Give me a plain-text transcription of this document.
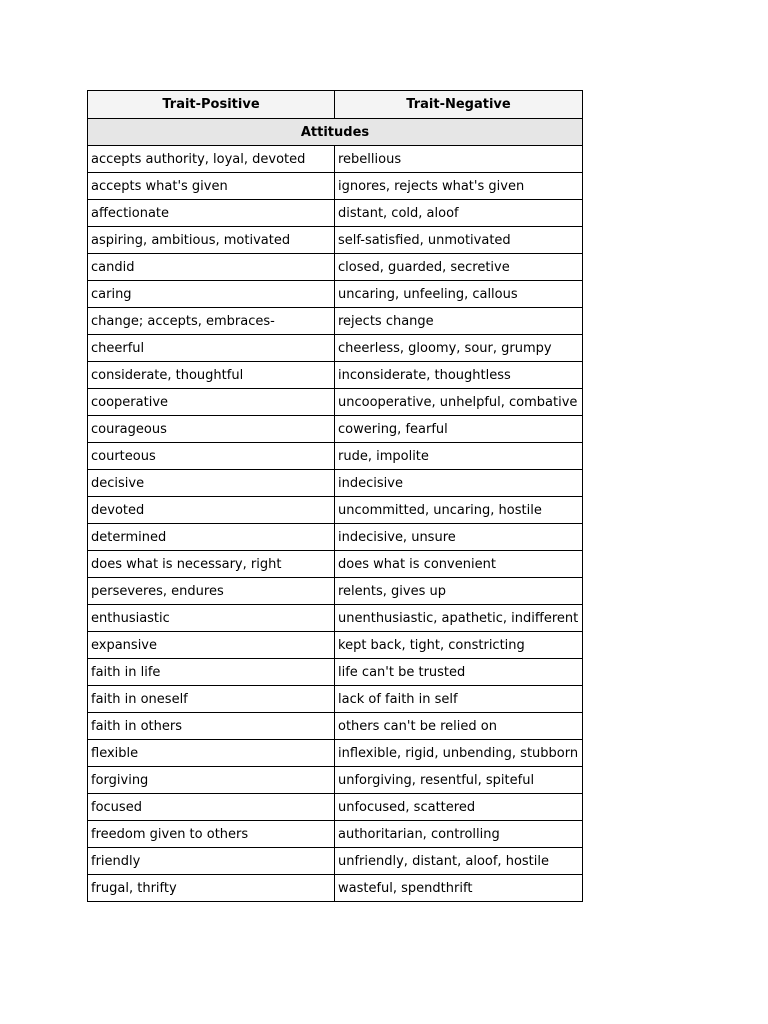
Trait-Positive	Trait-Negative
Attitudes	
accepts authority, loyal, devoted	rebellious
accepts what's given	ignores, rejects what's given
affectionate	distant, cold, aloof
aspiring, ambitious, motivated	self-satisfied, unmotivated
candid	closed, guarded, secretive
caring	uncaring, unfeeling, callous
change; accepts, embraces-	rejects change
cheerful	cheerless, gloomy, sour, grumpy
considerate, thoughtful	inconsiderate, thoughtless
cooperative	uncooperative, unhelpful, combative
courageous	cowering, fearful
courteous	rude, impolite
decisive	indecisive
devoted	uncommitted, uncaring, hostile
determined	indecisive, unsure
does what is necessary, right	does what is convenient
perseveres, endures	relents, gives up
enthusiastic	unenthusiastic, apathetic, indifferent
expansive	kept back, tight, constricting
faith in life	life can't be trusted
faith in oneself	lack of faith in self
faith in others	others can't be relied on
flexible	inflexible, rigid, unbending, stubborn
forgiving	unforgiving, resentful, spiteful
focused	unfocused, scattered
freedom given to others	authoritarian, controlling
friendly	unfriendly, distant, aloof, hostile
frugal, thrifty	wasteful, spendthrift
